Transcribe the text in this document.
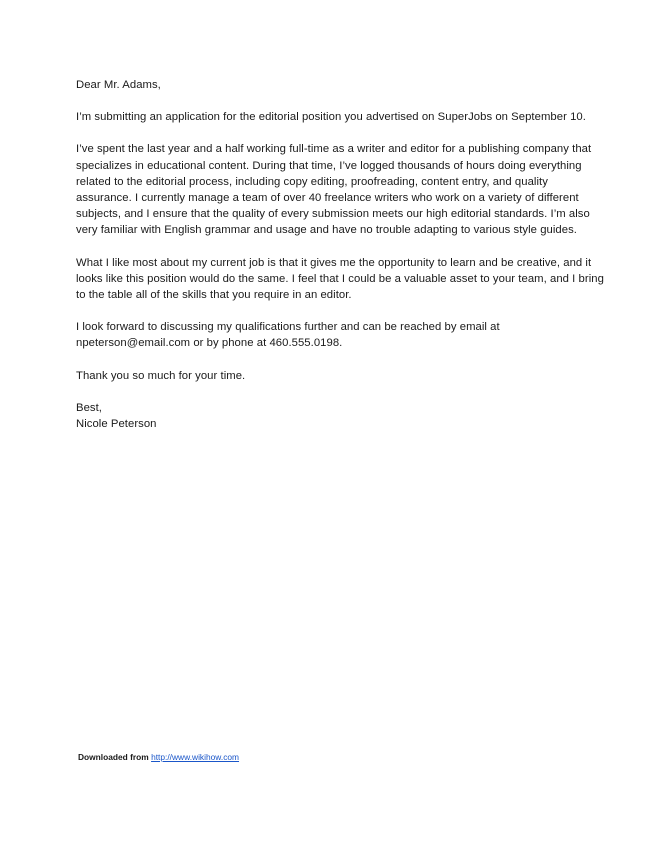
Dear Mr. Adams,

I’m submitting an application for the editorial position you advertised on SuperJobs on September 10.

I’ve spent the last year and a half working full-time as a writer and editor for a publishing company that specializes in educational content. During that time, I’ve logged thousands of hours doing everything related to the editorial process, including copy editing, proofreading, content entry, and quality assurance. I currently manage a team of over 40 freelance writers who work on a variety of different subjects, and I ensure that the quality of every submission meets our high editorial standards. I’m also very familiar with English grammar and usage and have no trouble adapting to various style guides.

What I like most about my current job is that it gives me the opportunity to learn and be creative, and it looks like this position would do the same. I feel that I could be a valuable asset to your team, and I bring to the table all of the skills that you require in an editor.

I look forward to discussing my qualifications further and can be reached by email at npeterson@email.com or by phone at 460.555.0198.

Thank you so much for your time.

Best,

Nicole Peterson

Downloaded from http://www.wikihow.com
